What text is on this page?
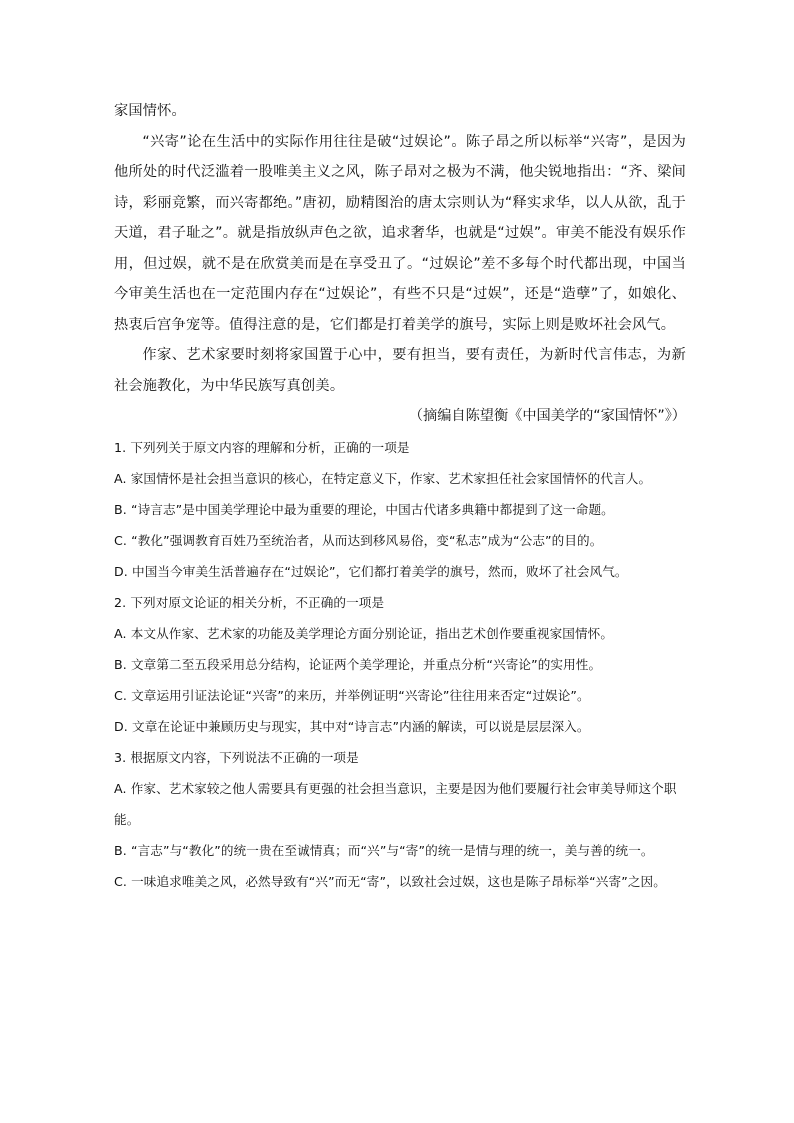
家国情怀。

“兴寄”论在生活中的实际作用往往是破“过娱论”。陈子昂之所以标举“兴寄”，是因为他所处的时代泛滥着一股唯美主义之风，陈子昂对之极为不满，他尖锐地指出：“齐、梁间诗，彩丽竞繁，而兴寄都绝。”唐初，励精图治的唐太宗则认为“释实求华，以人从欲，乱于天道，君子耻之”。就是指放纵声色之欲，追求奢华，也就是“过娱”。审美不能没有娱乐作用，但过娱，就不是在欣赏美而是在享受丑了。“过娱论”差不多每个时代都出现，中国当今审美生活也在一定范围内存在“过娱论”，有些不只是“过娱”，还是“造孽”了，如娘化、热衷后宫争宠等。值得注意的是，它们都是打着美学的旗号，实际上则是败坏社会风气。

作家、艺术家要时刻将家国置于心中，要有担当，要有责任，为新时代言伟志，为新社会施教化，为中华民族写真创美。

（摘编自陈望衡《中国美学的“家国情怀”》）

1. 下列列关于原文内容的理解和分析，正确的一项是

A. 家国情怀是社会担当意识的核心，在特定意义下，作家、艺术家担任社会家国情怀的代言人。

B. “诗言志”是中国美学理论中最为重要的理论，中国古代诸多典籍中都提到了这一命题。

C. “教化”强调教育百姓乃至统治者，从而达到移风易俗，变“私志”成为“公志”的目的。

D. 中国当今审美生活普遍存在“过娱论”，它们都打着美学的旗号，然而，败坏了社会风气。

2. 下列对原文论证的相关分析，不正确的一项是

A. 本文从作家、艺术家的功能及美学理论方面分别论证，指出艺术创作要重视家国情怀。

B. 文章第二至五段采用总分结构，论证两个美学理论，并重点分析“兴寄论”的实用性。

C. 文章运用引证法论证“兴寄”的来历，并举例证明“兴寄论”往往用来否定“过娱论”。

D. 文章在论证中兼顾历史与现实，其中对“诗言志”内涵的解读，可以说是层层深入。

3. 根据原文内容，下列说法不正确的一项是

A. 作家、艺术家较之他人需要具有更强的社会担当意识，主要是因为他们要履行社会审美导师这个职能。

B. “言志”与“教化”的统一贵在至诚情真；而“兴”与“寄”的统一是情与理的统一，美与善的统一。

C. 一味追求唯美之风，必然导致有“兴”而无“寄”，以致社会过娱，这也是陈子昂标举“兴寄”之因。
